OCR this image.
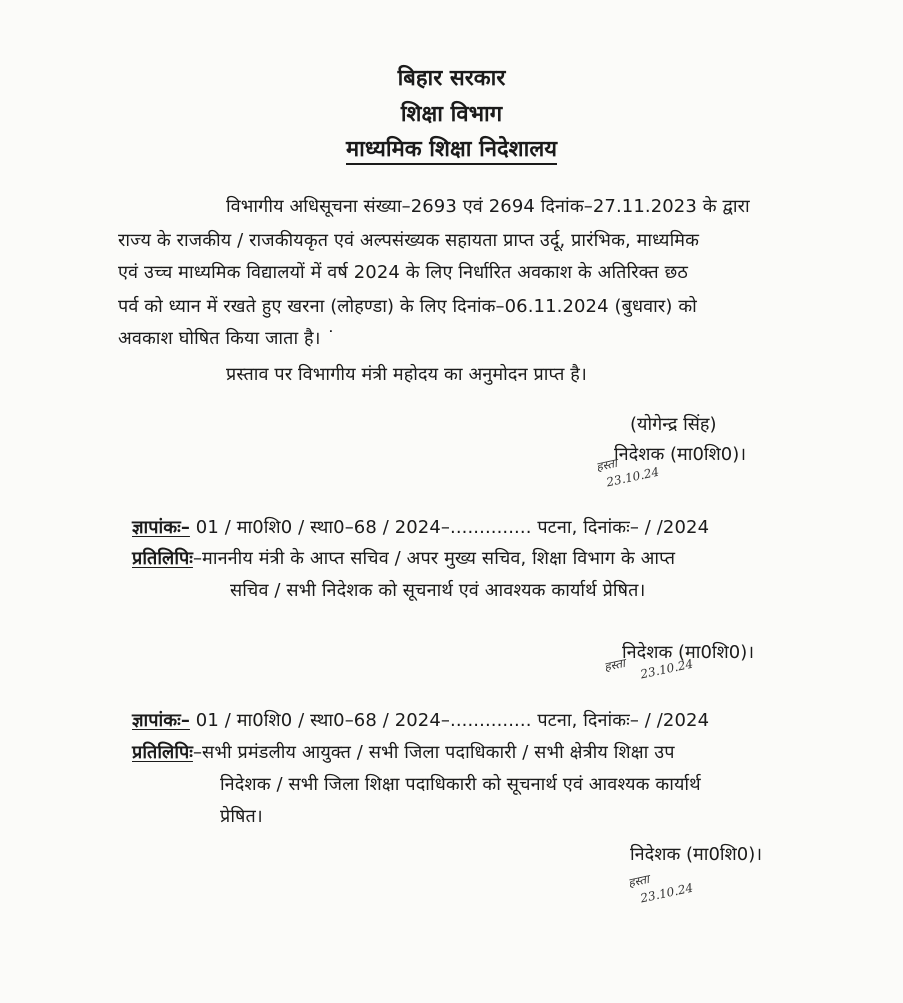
बिहार सरकार
शिक्षा विभाग
माध्यमिक शिक्षा निदेशालय
विभागीय अधिसूचना संख्या–2693 एवं 2694 दिनांक–27.11.2023 के द्वारा
राज्य के राजकीय / राजकीयकृत एवं अल्पसंख्यक सहायता प्राप्त उर्दू, प्रारंभिक, माध्यमिक
एवं उच्च माध्यमिक विद्यालयों में वर्ष 2024 के लिए निर्धारित अवकाश के अतिरिक्त छठ
पर्व को ध्यान में रखते हुए खरना (लोहण्डा) के लिए दिनांक–06.11.2024 (बुधवार) को
अवकाश घोषित किया जाता है। ˙
प्रस्ताव पर विभागीय मंत्री महोदय का अनुमोदन प्राप्त है।
(योगेन्द्र सिंह)
निदेशक (मा0शि0)।
हस्ता
23.10.24
ज्ञापांकः– 01 / मा0शि0 / स्था0–68 / 2024–.............. पटना, दिनांकः– / /2024
प्रतिलिपिः–माननीय मंत्री के आप्त सचिव / अपर मुख्य सचिव, शिक्षा विभाग के आप्त
सचिव / सभी निदेशक को सूचनार्थ एवं आवश्यक कार्यार्थ प्रेषित।
निदेशक (मा0शि0)।
हस्ता 23.10.24
ज्ञापांकः– 01 / मा0शि0 / स्था0–68 / 2024–.............. पटना, दिनांकः– / /2024
प्रतिलिपिः–सभी प्रमंडलीय आयुक्त / सभी जिला पदाधिकारी / सभी क्षेत्रीय शिक्षा उप
निदेशक / सभी जिला शिक्षा पदाधिकारी को सूचनार्थ एवं आवश्यक कार्यार्थ
प्रेषित।
निदेशक (मा0शि0)।
हस्ता
23.10.24
